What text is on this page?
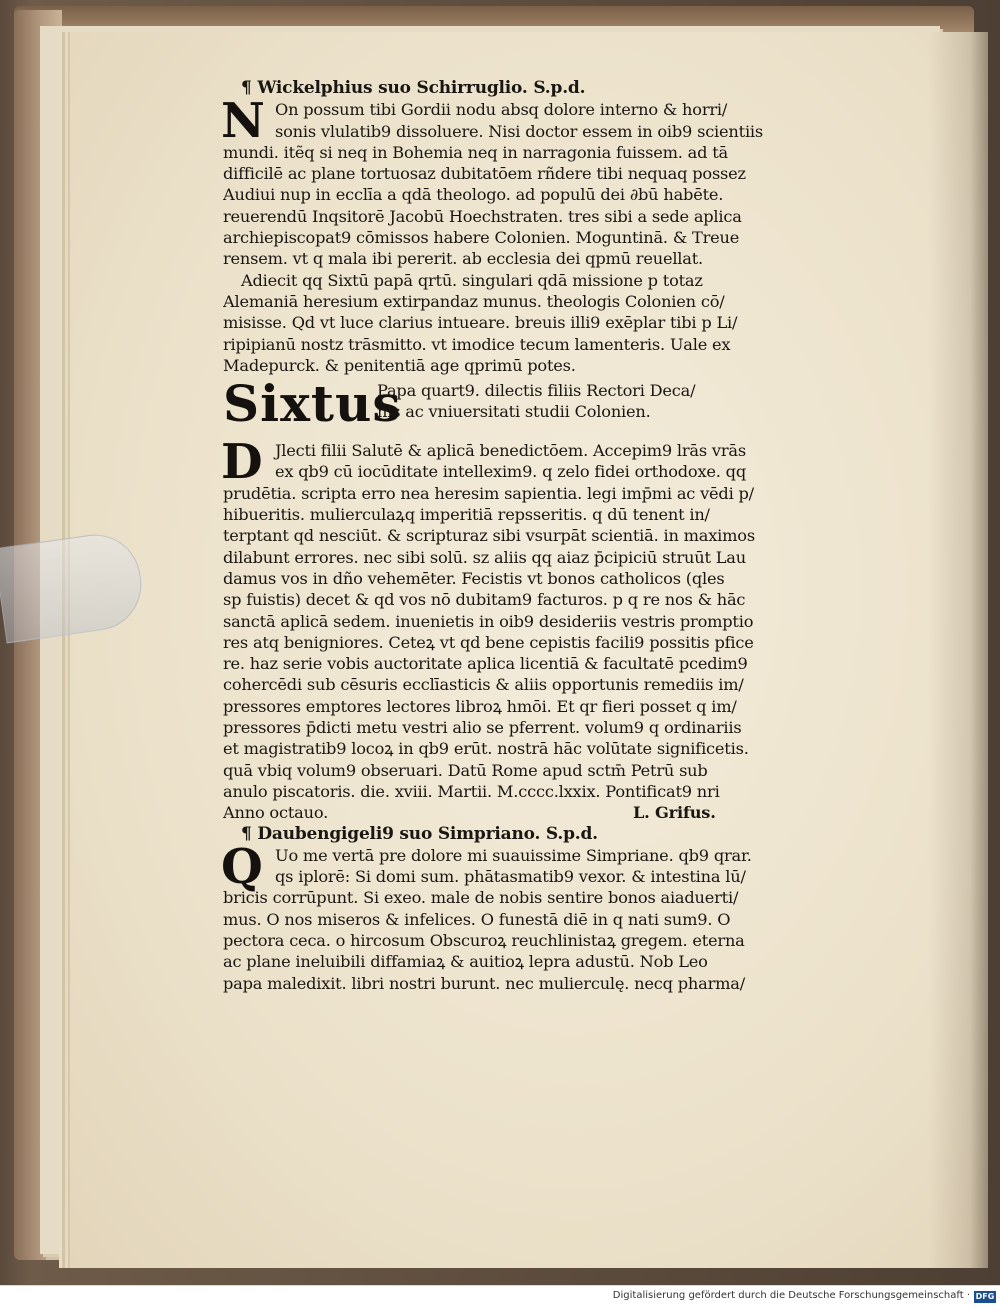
¶ Wickelphius suo Schirruglio. S.p.d.
N On possum tibi Gordii nodu absq dolore interno & horri/
sonis vlulatib9 dissoluere. Nisi doctor essem in oib9 scientiis
mundi. itẽq si neq in Bohemia neq in narragonia fuissem. ad tā
difficilē ac plane tortuosaz dubitatōem rñdere tibi nequaq possez
Audiui nup in ecclīa a qdā theologo. ad populū dei ∂bū habēte.
reuerendū Inqsitorē Jacobū Hoechstraten. tres sibi a sede aplica
archiepiscopat9 cōmissos habere Colonien. Moguntinā. & Treue
rensem. vt q mala ibi pererit. ab ecclesia dei qpmū reuellat.
Adiecit qq Sixtū papā qrtū. singulari qdā missione p totaz
Alemaniā heresium extirpandaz munus. theologis Colonien cō/
misisse. Qd vt luce clarius intueare. breuis illi9 exēplar tibi p Li/
ripipianū nostz trāsmitto. vt imodice tecum lamenteris. Uale ex
Madepurck. & penitentiā age qprimū potes.
Sixtus
Papa quart9. dilectis filiis Rectori Deca/
nis ac vniuersitati studii Colonien.
D Jlecti filii Salutē & aplicā benedictōem. Accepim9 lrās vrās
ex qb9 cū iocūditate intellexim9. q zelo fidei orthodoxe. qq
prudētia. scripta erro nea heresim sapientia. legi imp̄mi ac vēdi p/
hibueritis. mulierculaꝝq imperitiā repsseritis. q dū tenent in/
terptant qd nesciūt. & scripturaz sibi vsurpāt scientiā. in maximos
dilabunt errores. nec sibi solū. sz aliis qq aiaz p̄cipiciū struūt Lau
damus vos in dño vehemēter. Fecistis vt bonos catholicos (qles
sp fuistis) decet & qd vos nō dubitam9 facturos. p q re nos & hāc
sanctā aplicā sedem. inuenietis in oib9 desideriis vestris promptio
res atq benigniores. Ceteꝝ vt qd bene cepistis facili9 possitis pfice
re. haz serie vobis auctoritate aplica licentiā & facultatē pcedim9
cohercēdi sub cēsuris ecclīasticis & aliis opportunis remediis im/
pressores emptores lectores libroꝝ hmōi. Et qr fieri posset q im/
pressores p̄dicti metu vestri alio se pferrent. volum9 q ordinariis
et magistratib9 locoꝝ in qb9 erūt. nostrā hāc volūtate significetis.
quā vbiq volum9 obseruari. Datū Rome apud sctm̄ Petrū sub
anulo piscatoris. die. xviii. Martii. M.cccc.lxxix. Pontificat9 nri
Anno octauo.	L. Grifus.
¶ Daubengigeli9 suo Simpriano. S.p.d.
Q Uo me vertā pre dolore mi suauissime Simpriane. qb9 qrar.
qs iplorē: Si domi sum. phātasmatib9 vexor. & intestina lū/
bricis corrūpunt. Si exeo. male de nobis sentire bonos aiaduerti/
mus. O nos miseros & infelices. O funestā diē in q nati sum9. O
pectora ceca. o hircosum Obscuroꝝ reuchlinistaꝝ gregem. eterna
ac plane ineluibili diffamiaꝝ & auitioꝝ lepra adustū. Nob Leo
papa maledixit. libri nostri burunt. nec mulierculę. necq pharma/
Digitalisierung gefördert durch die Deutsche Forschungsgemeinschaft · DFG
